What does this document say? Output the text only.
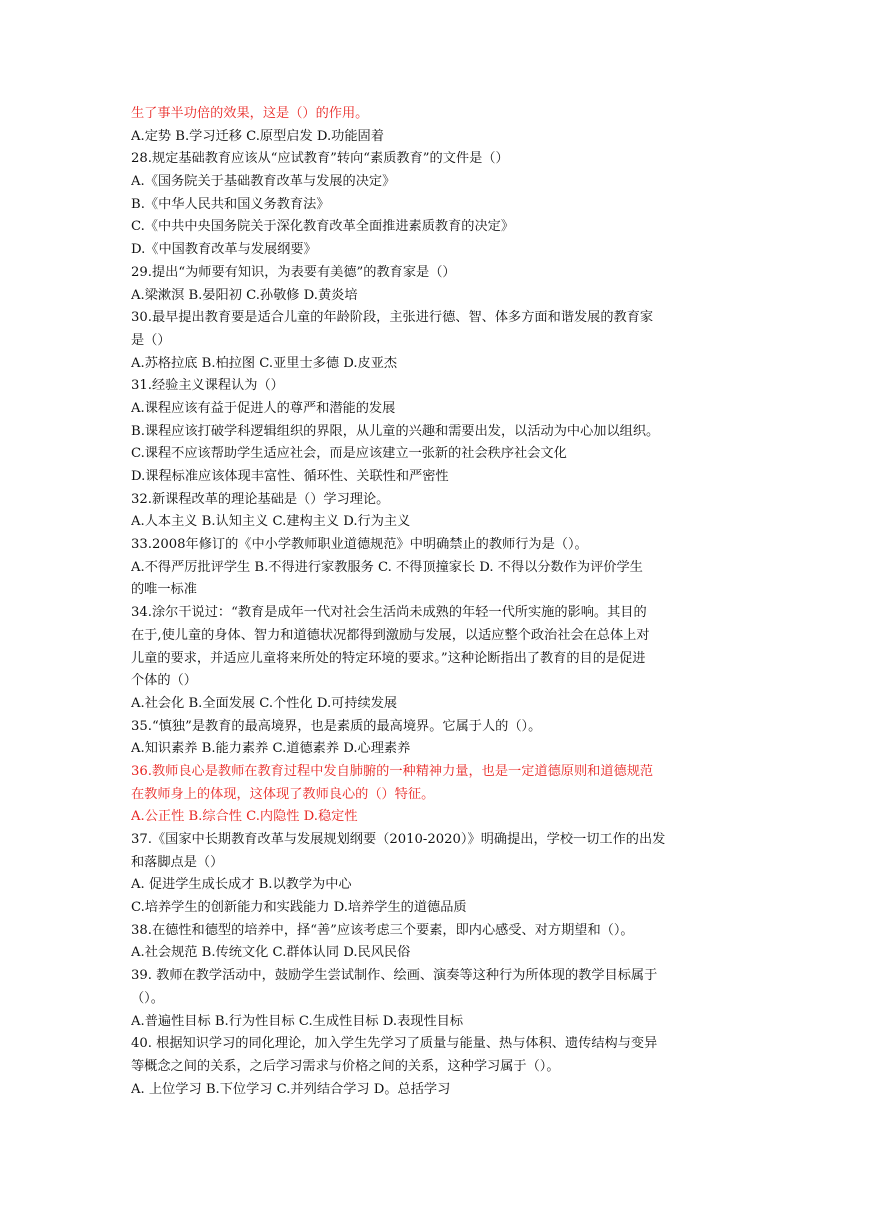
生了事半功倍的效果，这是（）的作用。
A.定势 B.学习迁移 C.原型启发 D.功能固着
28.规定基础教育应该从“应试教育”转向“素质教育”的文件是（）
A.《国务院关于基础教育改革与发展的决定》
B.《中华人民共和国义务教育法》
C.《中共中央国务院关于深化教育改革全面推进素质教育的决定》
D.《中国教育改革与发展纲要》
29.提出“为师要有知识，为表要有美德”的教育家是（）
A.梁漱溟 B.晏阳初 C.孙敬修 D.黄炎培
30.最早提出教育要是适合儿童的年龄阶段，主张进行德、智、体多方面和谐发展的教育家
是（）
A.苏格拉底 B.柏拉图 C.亚里士多德 D.皮亚杰
31.经验主义课程认为（）
A.课程应该有益于促进人的尊严和潜能的发展
B.课程应该打破学科逻辑组织的界限，从儿童的兴趣和需要出发，以活动为中心加以组织。
C.课程不应该帮助学生适应社会，而是应该建立一张新的社会秩序社会文化
D.课程标准应该体现丰富性、循环性、关联性和严密性
32.新课程改革的理论基础是（）学习理论。
A.人本主义 B.认知主义 C.建构主义 D.行为主义
33.2008年修订的《中小学教师职业道德规范》中明确禁止的教师行为是（）。
A.不得严厉批评学生 B.不得进行家教服务 C. 不得顶撞家长 D. 不得以分数作为评价学生
的唯一标准
34.涂尔干说过：“教育是成年一代对社会生活尚未成熟的年轻一代所实施的影响。其目的
在于,使儿童的身体、智力和道德状况都得到激励与发展，以适应整个政治社会在总体上对
儿童的要求，并适应儿童将来所处的特定环境的要求。”这种论断指出了教育的目的是促进
个体的（）
A.社会化 B.全面发展 C.个性化 D.可持续发展
35.“慎独”是教育的最高境界，也是素质的最高境界。它属于人的（）。
A.知识素养 B.能力素养 C.道德素养 D.心理素养
36.教师良心是教师在教育过程中发自肺腑的一种精神力量，也是一定道德原则和道德规范
在教师身上的体现，这体现了教师良心的（）特征。
A.公正性 B.综合性 C.内隐性 D.稳定性
37.《国家中长期教育改革与发展规划纲要（2010-2020）》明确提出，学校一切工作的出发
和落脚点是（）
A. 促进学生成长成才 B.以教学为中心
C.培养学生的创新能力和实践能力 D.培养学生的道德品质
38.在德性和德型的培养中，择“善”应该考虑三个要素，即内心感受、对方期望和（）。
A.社会规范 B.传统文化 C.群体认同 D.民风民俗
39. 教师在教学活动中，鼓励学生尝试制作、绘画、演奏等这种行为所体现的教学目标属于
（）。
A.普遍性目标 B.行为性目标 C.生成性目标 D.表现性目标
40. 根据知识学习的同化理论，加入学生先学习了质量与能量、热与体积、遗传结构与变异
等概念之间的关系，之后学习需求与价格之间的关系，这种学习属于（）。
A. 上位学习 B.下位学习 C.并列结合学习 D。总括学习
